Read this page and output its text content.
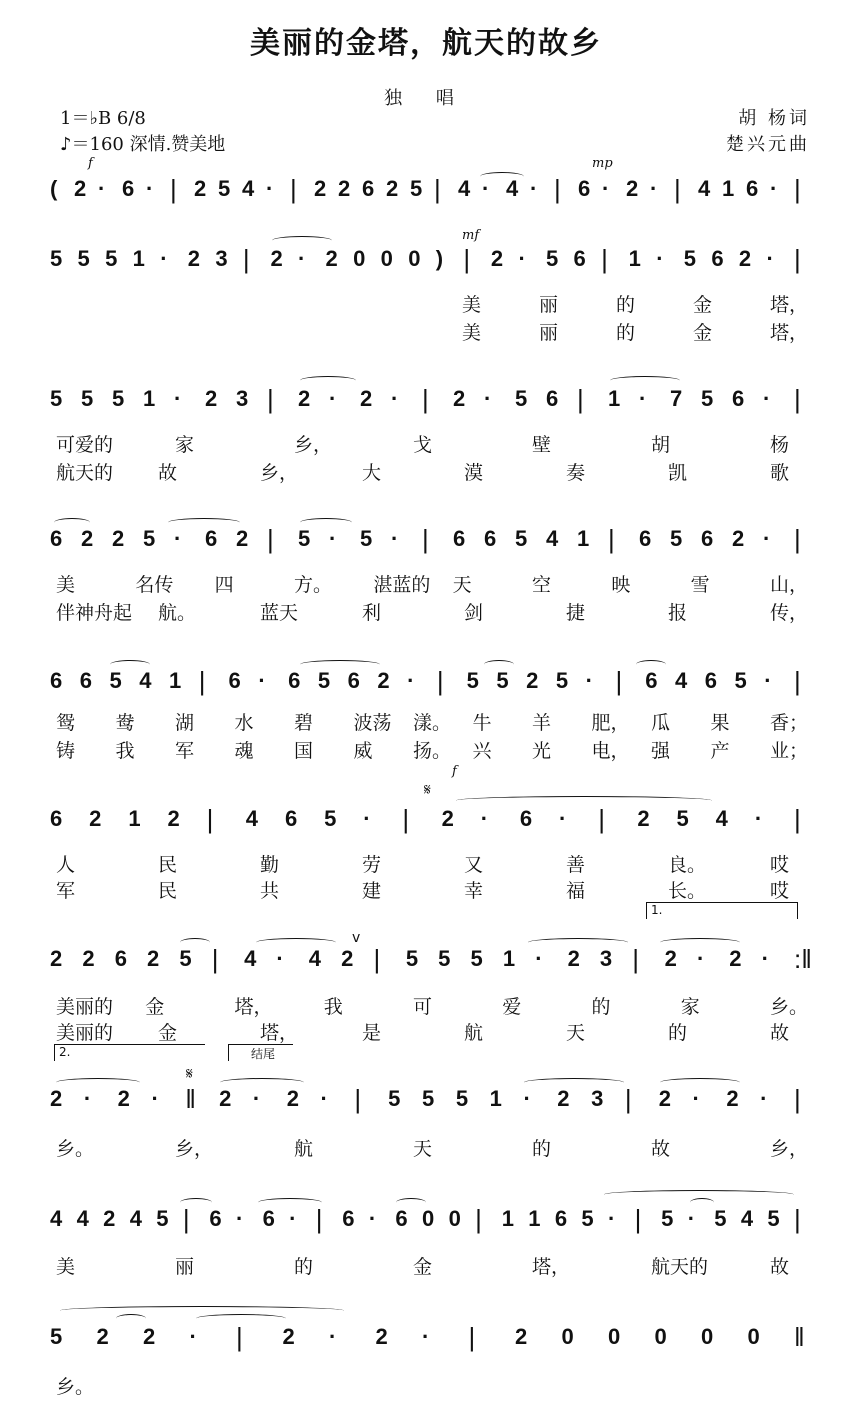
美丽的金塔，航天的故乡
独 唱
1＝♭B 6/8
♪＝160 深情.赞美地
胡 杨词
楚兴元曲
( 2 · 6 · | 2 5 4 · | 2 2 6 2 5 | 4 · 4 · | 6 · 2 · | 4 1 6 · |
5 5 5 1 · 2 3 | 2 · 2 0 0 0 ) | 2 · 5 6 | 1 · 5 6 2 · |
美	丽	的	金	塔，
美	丽	的	金	塔，
5 5 5 1 · 2 3 | 2 · 2 · | 2 · 5 6 | 1 · 7 5 6 · |
可爱的	家	乡，	戈	壁	胡	杨
航天的 故	乡，	大	漠	奏	凯	歌
6 2 2 5 · 6 2 | 5 · 5 · | 6 6 5 4 1 | 6 5 6 2 · |
美	名传 四	方。 湛蓝的 天	空	映	雪	山，
伴神舟起 航。	蓝天	利	剑	捷	报	传，
6 6 5 4 1 | 6 · 6 5 6 2 · | 5 5 2 5 · | 6 4 6 5 · |
鸳 鸯 湖 水 碧 波荡 漾。 牛 羊 肥， 瓜 果 香；
铸 我 军 魂 国 威 扬。 兴 光 电， 强 产 业；
6 2 1 2 | 4 6 5 · | 2 · 6 · | 2 5 4 · |
人	民	勤	劳	又	善	良。	哎
军	民	共	建	幸	福	长。	哎
2 2 6 2 5 | 4 · 4 2 | 5 5 5 1 · 2 3 | 2 · 2 · :‖
美丽的 金	塔，	我	可	爱	的	家	乡。
美丽的 金	塔，	是	航	天	的	故
2 · 2 · ‖ 2 · 2 · | 5 5 5 1 · 2 3 | 2 · 2 · |
乡。	乡，	航	天	的	故	乡，
4 4 2 4 5 | 6 · 6 · | 6 · 6 0 0 | 1 1 6 5 · | 5 · 5 4 5 |
美	丽	的	金	塔，	航天的	故
5 2 2 · | 2 · 2 · | 2 0 0 0 0 0 ‖
乡。
f	mp
mf
f
𝄋
𝄋
v
1.
2.	结尾
